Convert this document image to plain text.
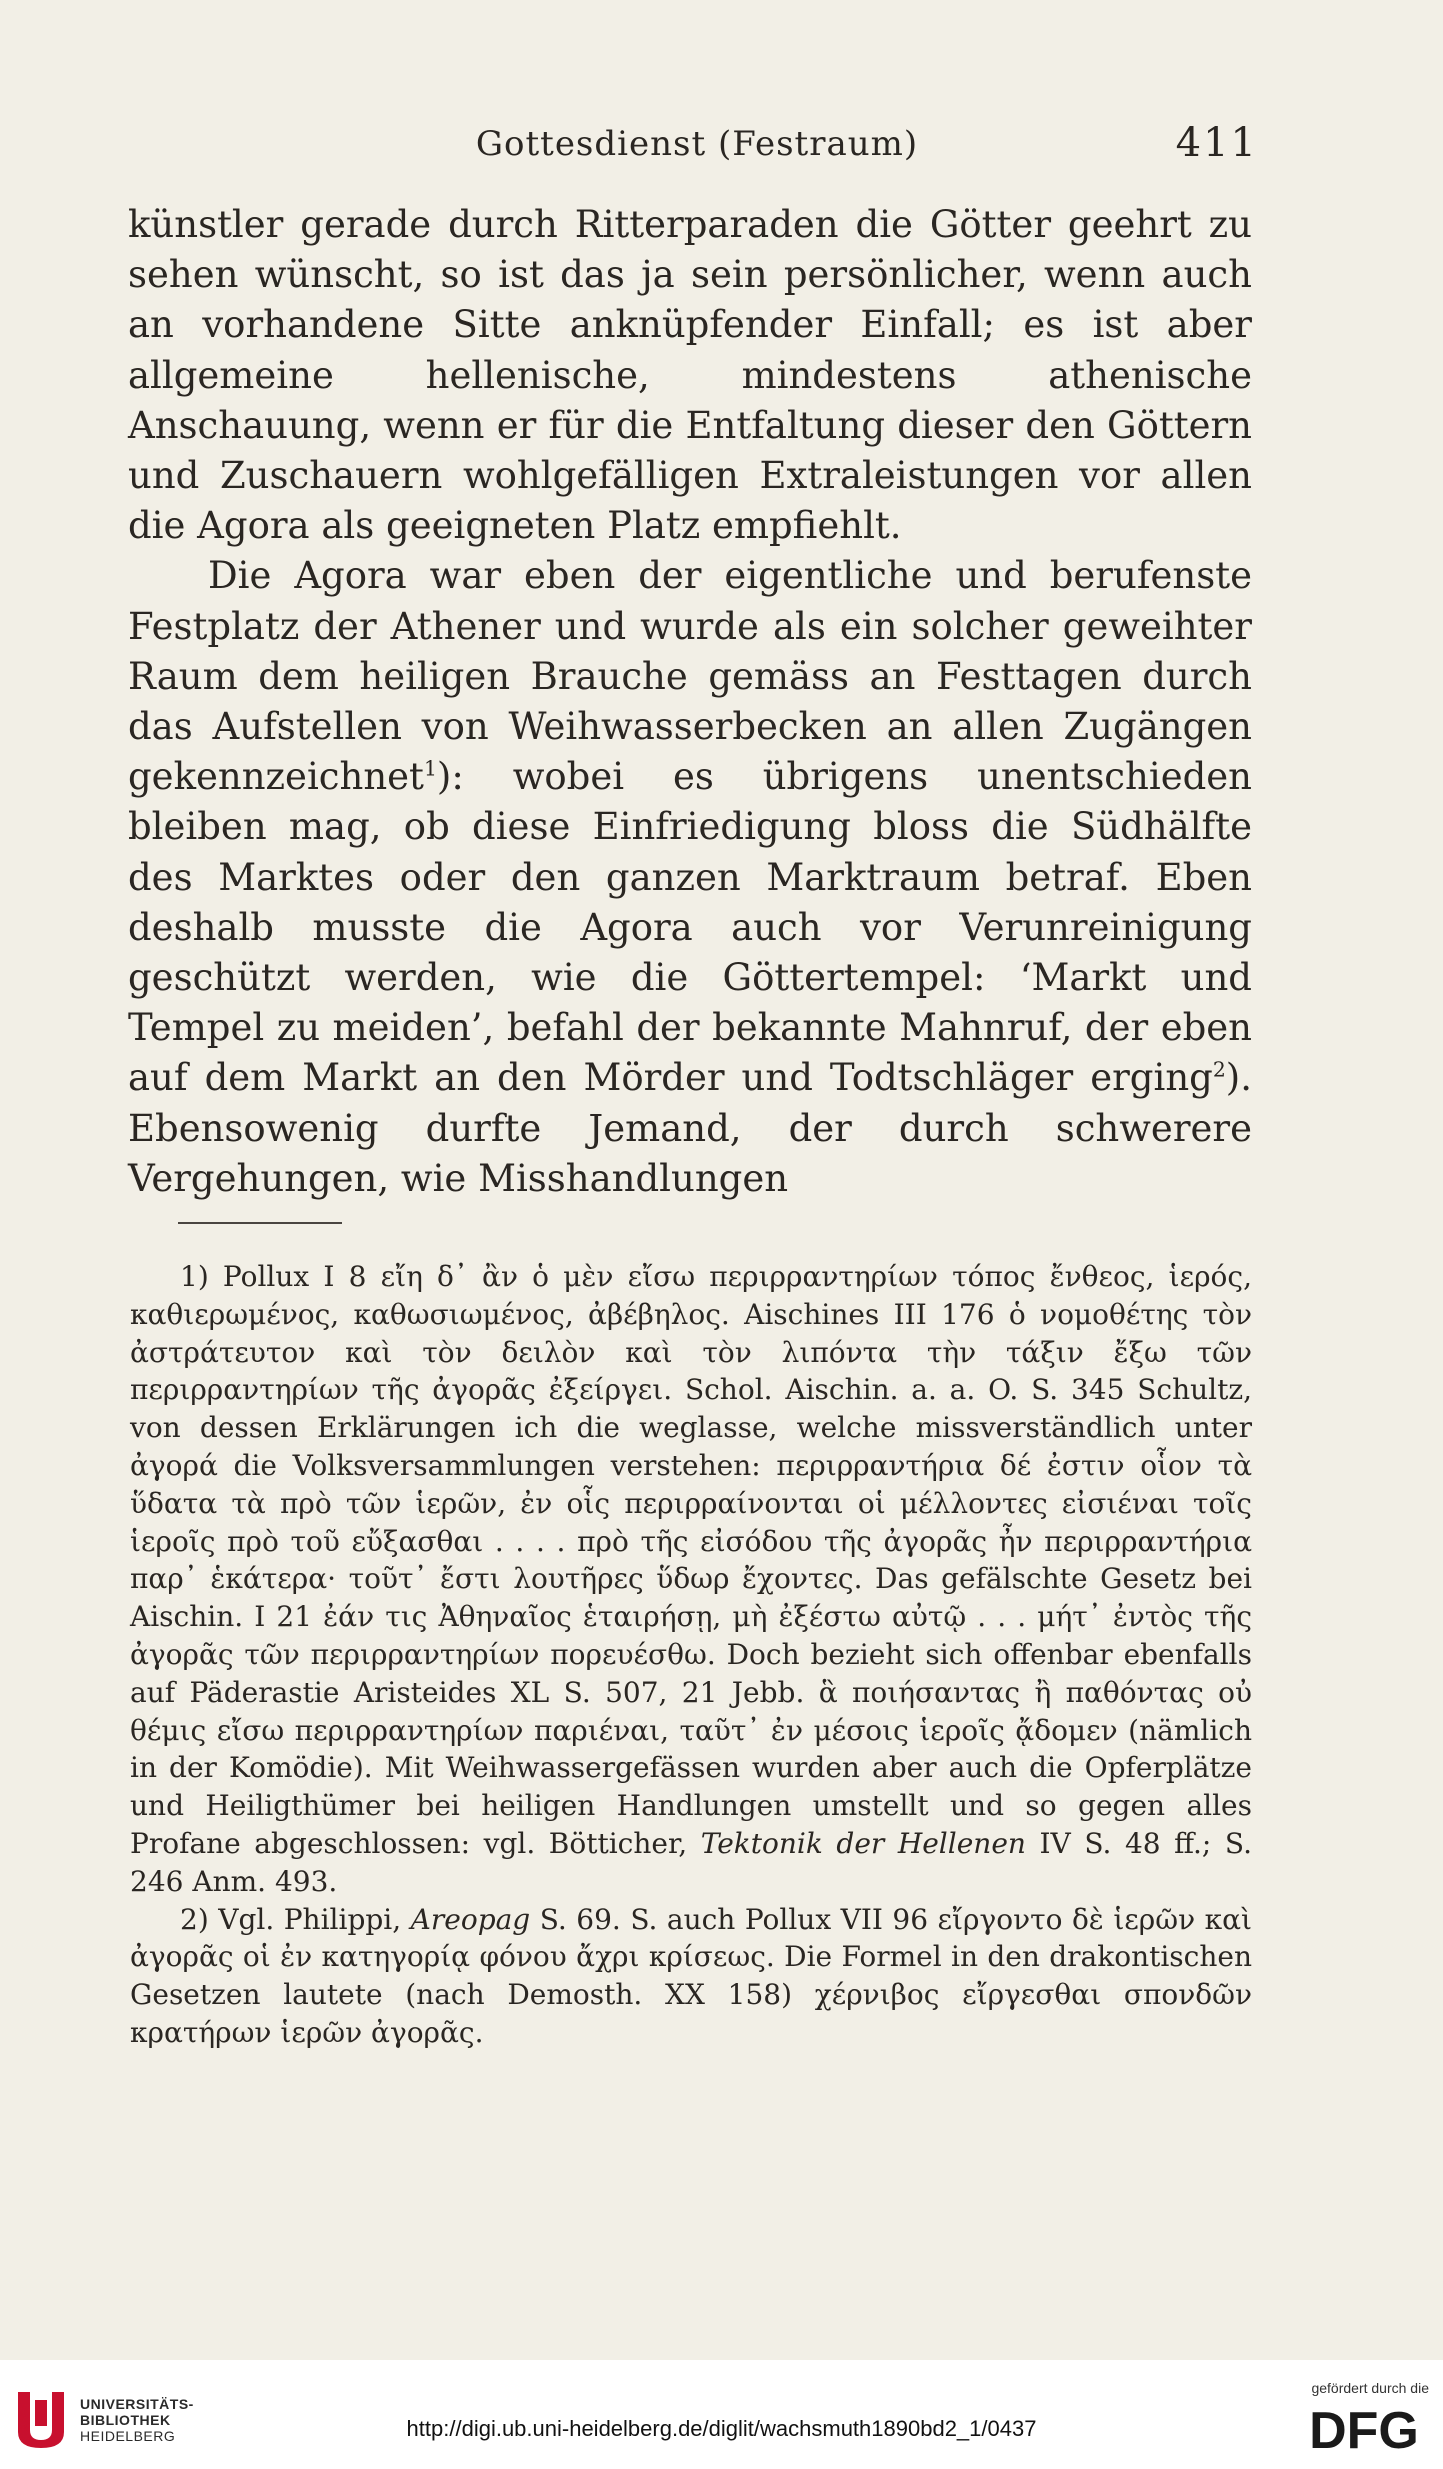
Gottesdienst (Festraum)	411

künstler gerade durch Ritterparaden die Götter geehrt zu sehen wünscht, so ist das ja sein persönlicher, wenn auch an vorhandene Sitte anknüpfender Einfall; es ist aber allgemeine hellenische, mindestens athenische Anschauung, wenn er für die Entfaltung dieser den Göttern und Zuschauern wohlgefälligen Extraleistungen vor allen die Agora als geeigneten Platz empfiehlt.

Die Agora war eben der eigentliche und berufenste Festplatz der Athener und wurde als ein solcher geweihter Raum dem heiligen Brauche gemäss an Festtagen durch das Aufstellen von Weihwasserbecken an allen Zugängen gekennzeichnet$^1$): wobei es übrigens unentschieden bleiben mag, ob diese Einfriedigung bloss die Südhälfte des Marktes oder den ganzen Marktraum betraf. Eben deshalb musste die Agora auch vor Verunreinigung geschützt werden, wie die Göttertempel: ‘Markt und Tempel zu meiden’, befahl der bekannte Mahnruf, der eben auf dem Markt an den Mörder und Todtschläger erging$^2$). Ebensowenig durfte Jemand, der durch schwerere Vergehungen, wie Misshandlungen

1) Pollux I 8 εἴη δ᾽ ἂν ὁ μὲν εἴσω περιρραντηρίων τόπος ἔνθεος, ἱερός, καθιερωμένος, καθωσιωμένος, ἀβέβηλος. Aischines III 176 ὁ νομοθέτης τὸν ἀστράτευτον καὶ τὸν δειλὸν καὶ τὸν λιπόντα τὴν τάξιν ἔξω τῶν περιρραντηρίων τῆς ἀγορᾶς ἐξείργει. Schol. Aischin. a. a. O. S. 345 Schultz, von dessen Erklärungen ich die weglasse, welche missverständlich unter ἀγορά die Volksversammlungen verstehen: περιρραντήρια δέ ἐστιν οἷον τὰ ὕδατα τὰ πρὸ τῶν ἱερῶν, ἐν οἷς περιρραίνονται οἱ μέλλοντες εἰσιέναι τοῖς ἱεροῖς πρὸ τοῦ εὔξασθαι . . . . πρὸ τῆς εἰσόδου τῆς ἀγορᾶς ἦν περιρραντήρια παρ᾽ ἑκάτερα· τοῦτ᾽ ἔστι λουτῆρες ὕδωρ ἔχοντες. Das gefälschte Gesetz bei Aischin. I 21 ἐάν τις Ἀθηναῖος ἑταιρήσῃ, μὴ ἐξέστω αὐτῷ . . . μήτ᾽ ἐντὸς τῆς ἀγορᾶς τῶν περιρραντηρίων πορευέσθω. Doch bezieht sich offenbar ebenfalls auf Päderastie Aristeides XL S. 507, 21 Jebb. ἃ ποιήσαντας ἢ παθόντας οὐ θέμις εἴσω περιρραντηρίων παριέναι, ταῦτ᾽ ἐν μέσοις ἱεροῖς ᾄδομεν (nämlich in der Komödie). Mit Weihwassergefässen wurden aber auch die Opferplätze und Heiligthümer bei heiligen Handlungen umstellt und so gegen alles Profane abgeschlossen: vgl. Bötticher, Tektonik der Hellenen IV S. 48 ff.; S. 246 Anm. 493.

2) Vgl. Philippi, Areopag S. 69. S. auch Pollux VII 96 εἴργοντο δὲ ἱερῶν καὶ ἀγορᾶς οἱ ἐν κατηγορίᾳ φόνου ἄχρι κρίσεως. Die Formel in den drakontischen Gesetzen lautete (nach Demosth. XX 158) χέρνιβος εἴργεσθαι σπονδῶν κρατήρων ἱερῶν ἀγορᾶς.

UNIVERSITÄTS-
BIBLIOTHEK
HEIDELBERG	http://digi.ub.uni-heidelberg.de/diglit/wachsmuth1890bd2_1/0437
gefördert durch die
DFG
